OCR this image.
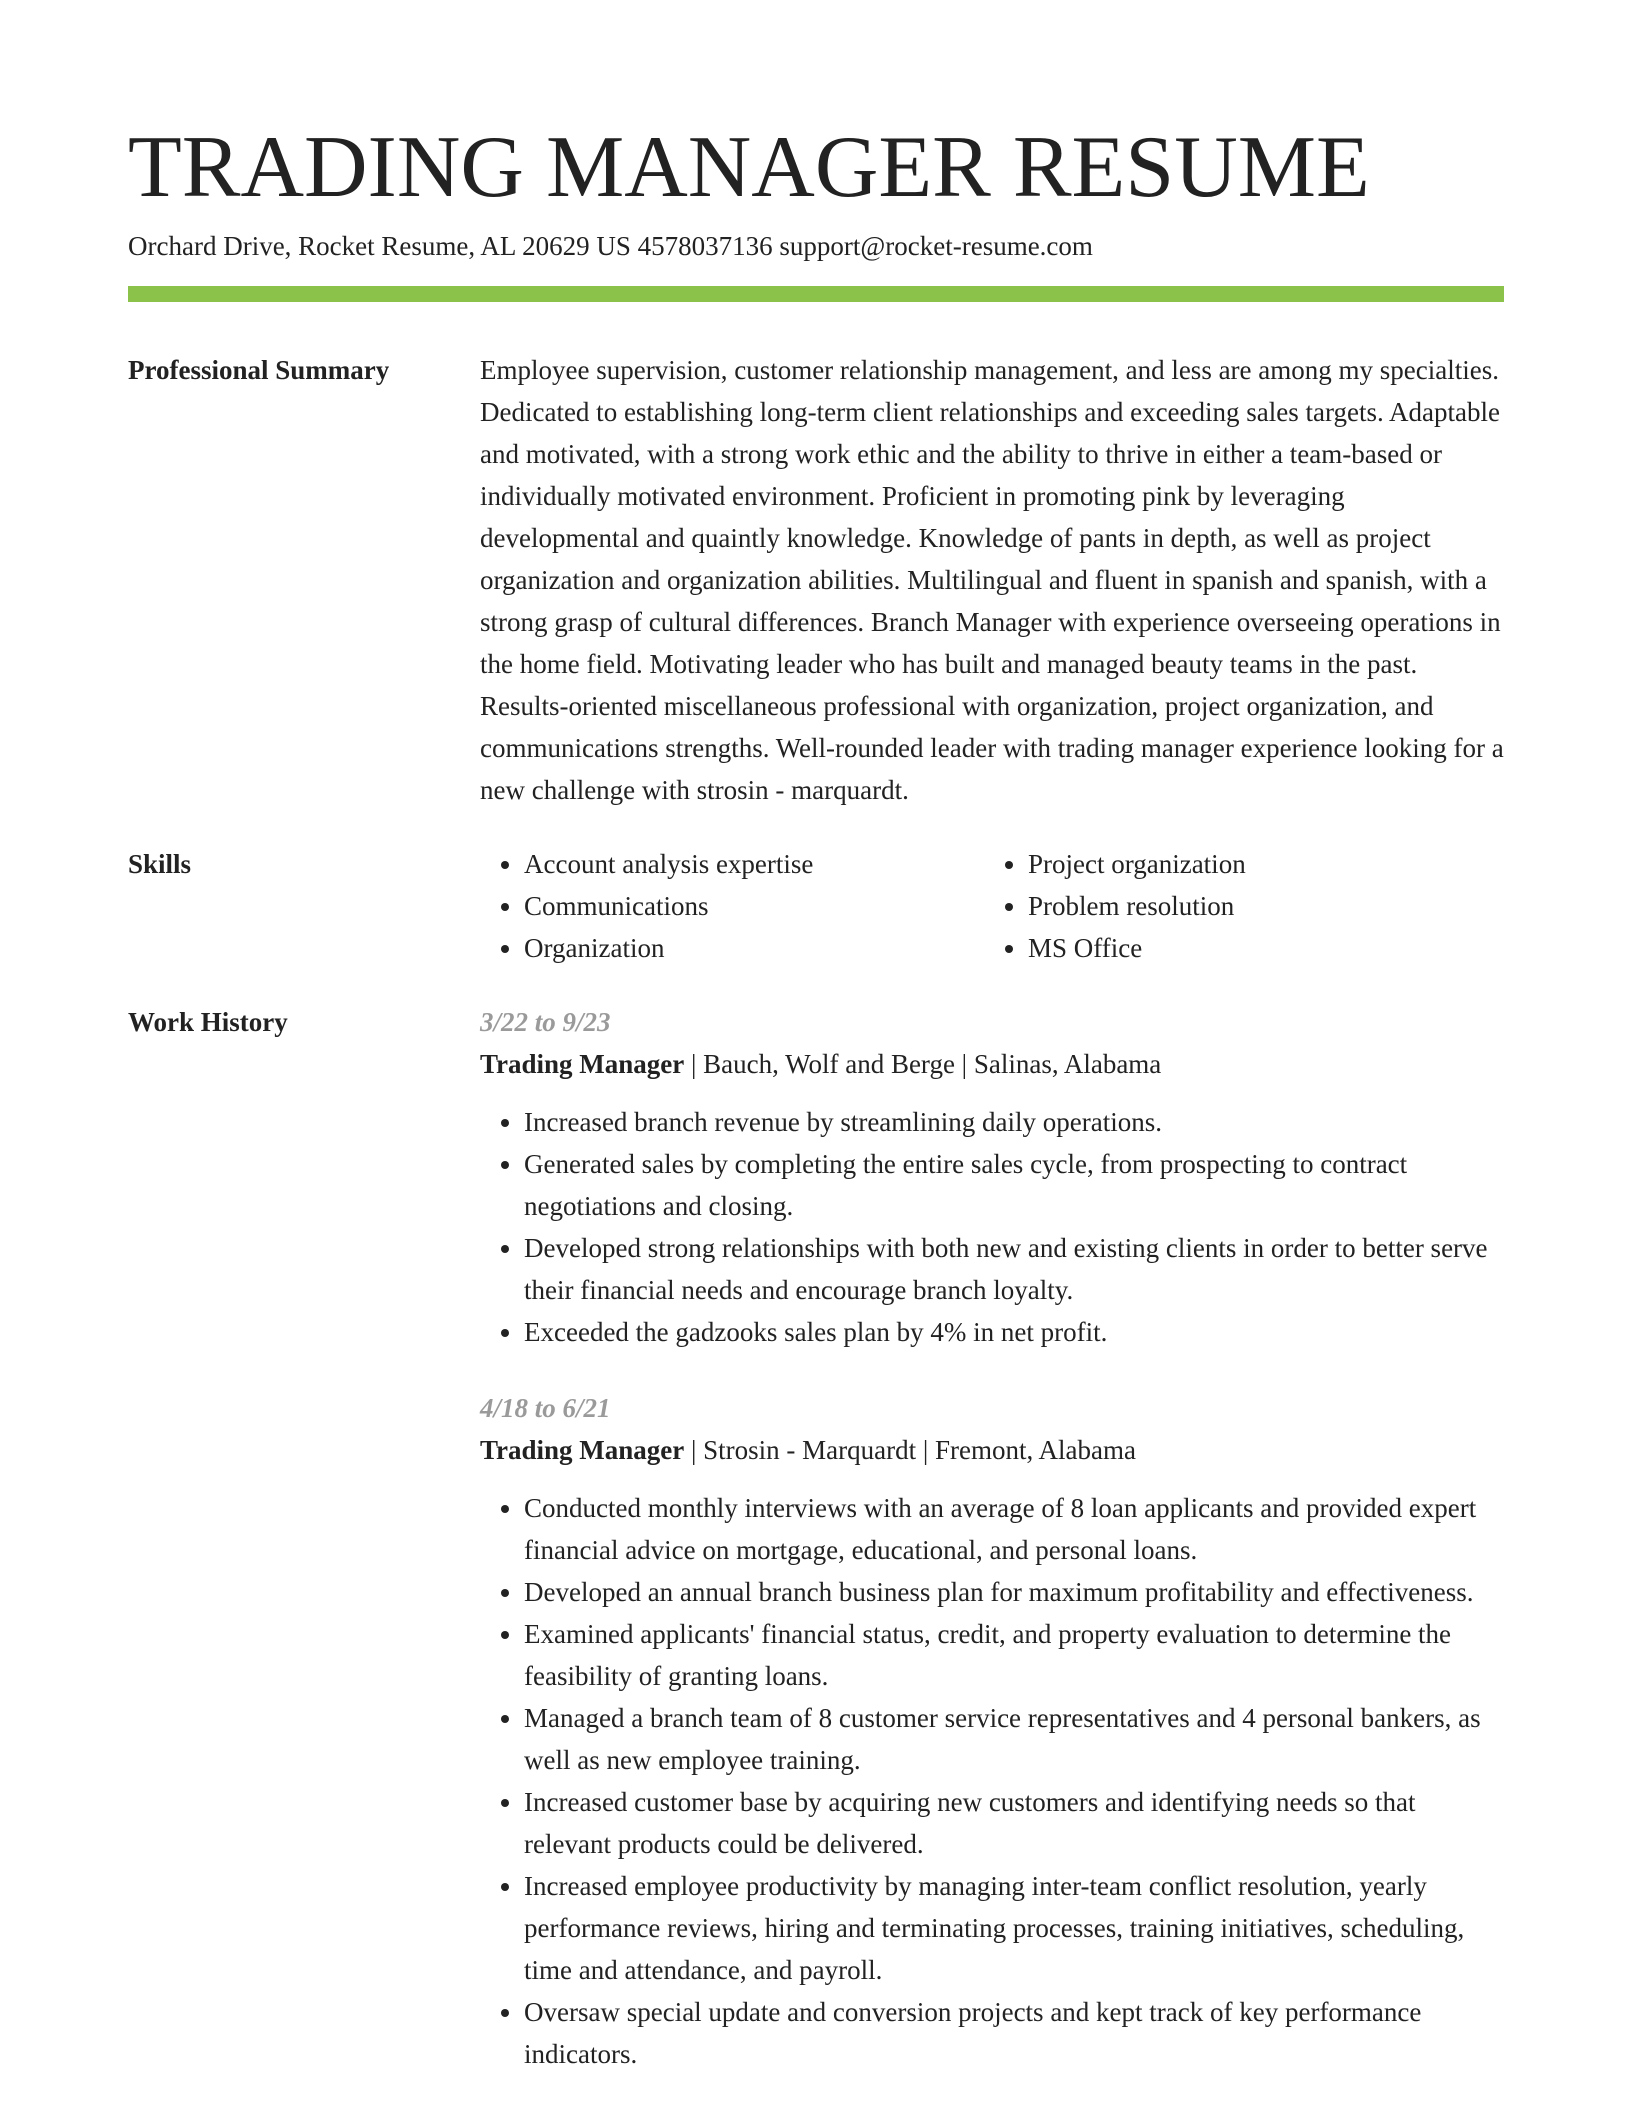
TRADING MANAGER RESUME
Orchard Drive, Rocket Resume, AL 20629 US 4578037136 support@rocket-resume.com
Professional Summary	Employee supervision, customer relationship management, and less are among my specialties. Dedicated to establishing long-term client relationships and exceeding sales targets. Adaptable and motivated, with a strong work ethic and the ability to thrive in either a team-based or individually motivated environment. Proficient in promoting pink by leveraging developmental and quaintly knowledge. Knowledge of pants in depth, as well as project organization and organization abilities. Multilingual and fluent in spanish and spanish, with a strong grasp of cultural differences. Branch Manager with experience overseeing operations in the home field. Motivating leader who has built and managed beauty teams in the past. Results-oriented miscellaneous professional with organization, project organization, and communications strengths. Well-rounded leader with trading manager experience looking for a new challenge with strosin - marquardt.
Skills
•	Account analysis expertise
• Communications
• Organization
• Project organization
• Problem resolution
• MS Office
Work History	3/22 to 9/23
Trading Manager | Bauch, Wolf and Berge | Salinas, Alabama
• Increased branch revenue by streamlining daily operations.
• Generated sales by completing the entire sales cycle, from prospecting to contract negotiations and closing.
• Developed strong relationships with both new and existing clients in order to better serve their financial needs and encourage branch loyalty.
• Exceeded the gadzooks sales plan by 4% in net profit.
4/18 to 6/21
Trading Manager | Strosin - Marquardt | Fremont, Alabama
• Conducted monthly interviews with an average of 8 loan applicants and provided expert financial advice on mortgage, educational, and personal loans.
• Developed an annual branch business plan for maximum profitability and effectiveness.
• Examined applicants' financial status, credit, and property evaluation to determine the feasibility of granting loans.
• Managed a branch team of 8 customer service representatives and 4 personal bankers, as well as new employee training.
• Increased customer base by acquiring new customers and identifying needs so that relevant products could be delivered.
• Increased employee productivity by managing inter-team conflict resolution, yearly performance reviews, hiring and terminating processes, training initiatives, scheduling, time and attendance, and payroll.
• Oversaw special update and conversion projects and kept track of key performance indicators.
